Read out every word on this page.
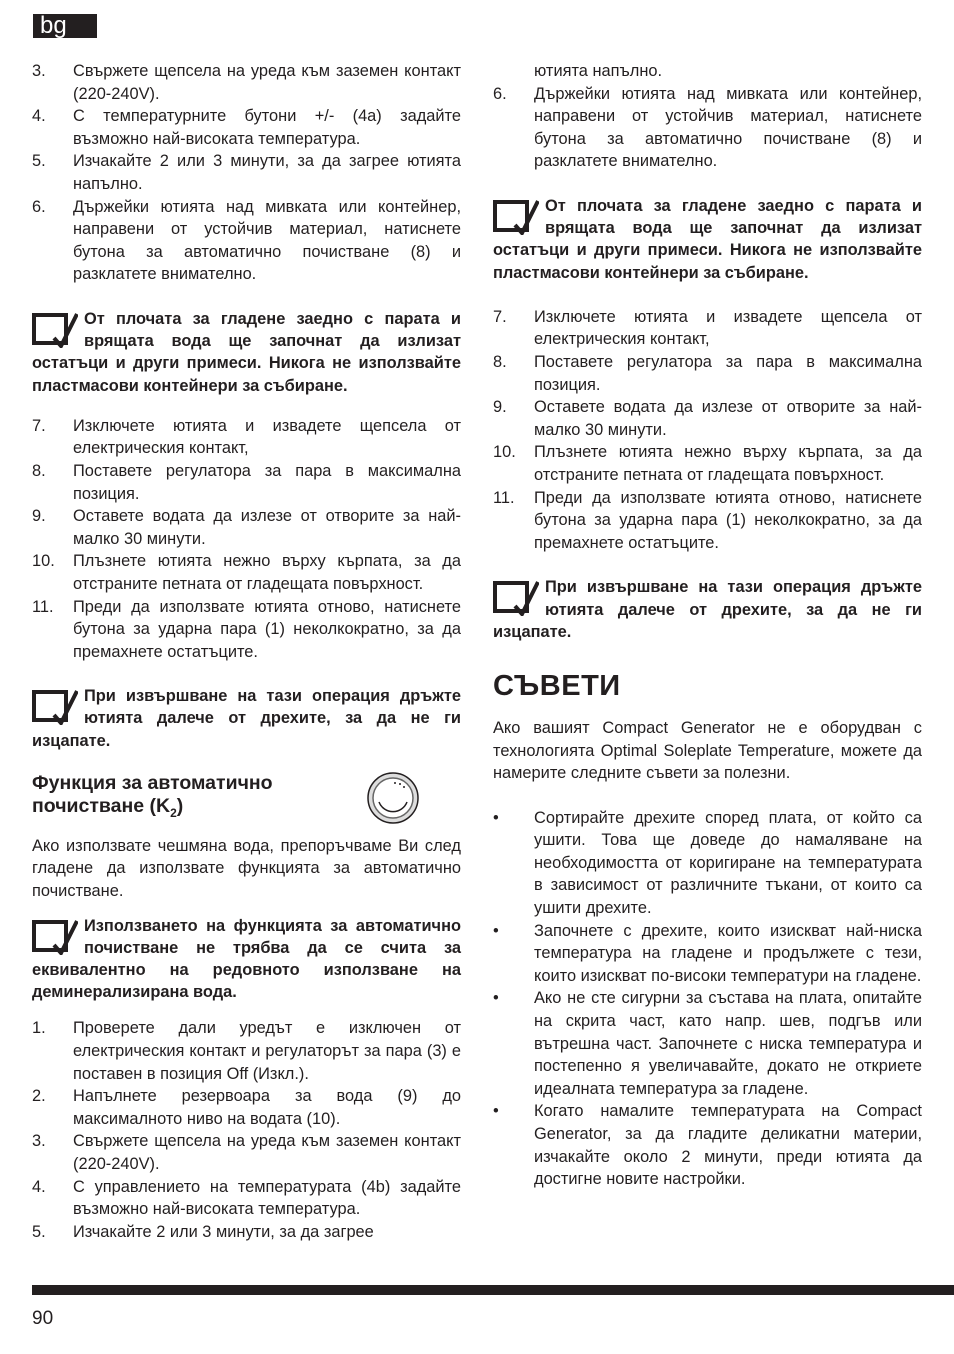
bg
3. Свържете щепсела на уреда към заземен контакт (220-240V).
4. С температурните бутони +/- (4a) задайте възможно най-високата температура.
5. Изчакайте 2 или 3 минути, за да загрее ютията напълно.
6. Държейки ютията над мивката или контейнер, направени от устойчив материал, натиснете бутона за автоматично почистване (8) и разклатете внимателно.

От плочата за гладене заедно с парата и врящата вода ще започнат да излизат остатъци и други примеси. Никога не използвайте пластмасови контейнери за събиране.

7. Изключете ютията и извадете щепсела от електрическия контакт,
8. Поставете регулатора за пара в максимална позиция.
9. Оставете водата да излезе от отворите за най-малко 30 минути.
10. Плъзнете ютията нежно върху кърпата, за да отстраните петната от гладещата повърхност.
11. Преди да използвате ютията отново, натиснете бутона за ударна пара (1) неколкократно, за да премахнете остатъците.

При извършване на тази операция дръжте ютията далече от дрехите, за да не ги изцапате.

Функция за автоматично
почистване $(K_2)$

Ако използвате чешмяна вода, препоръчваме Ви след гладене да използвате функцията за автоматично почистване.

Използването на функцията за автоматично почистване не трябва да се счита за еквивалентно на редовното използване на деминерализирана вода.

1. Проверете дали уредът е изключен от електрическия контакт и регулаторът за пара (3) е поставен в позиция Off (Изкл.).
2. Напълнете резервоара за вода (9) до максималното ниво на водата (10).
3. Свържете щепсела на уреда към заземен контакт (220-240V).
4. С управлението на температурата (4b) задайте възможно най-високата температура.
5. Изчакайте 2 или 3 минути, за да загрее

ютията напълно.

6. Държейки ютията над мивката или контейнер, направени от устойчив материал, натиснете бутона за автоматично почистване (8) и разклатете внимателно.

От плочата за гладене заедно с парата и врящата вода ще започнат да излизат остатъци и други примеси. Никога не използвайте пластмасови контейнери за събиране.

7. Изключете ютията и извадете щепсела от електрическия контакт,
8. Поставете регулатора за пара в максимална позиция.
9. Оставете водата да излезе от отворите за най-малко 30 минути.
10. Плъзнете ютията нежно върху кърпата, за да отстраните петната от гладещата повърхност.
11. Преди да използвате ютията отново, натиснете бутона за ударна пара (1) неколкократно, за да премахнете остатъците.

При извършване на тази операция дръжте ютията далече от дрехите, за да не ги изцапате.

СЪВЕТИ

Ако вашият Compact Generator не е оборудван с технологията Optimal Soleplate Temperature, можете да намерите следните съвети за полезни.

• Сортирайте дрехите според плата, от който са ушити. Това ще доведе до намаляване на необходимостта от коригиране на температурата в зависимост от различните тъкани, от които са ушити дрехите.
• Започнете с дрехите, които изискват най-ниска температура на гладене и продължете с тези, които изискват по-високи температури на гладене.
• Ако не сте сигурни за състава на плата, опитайте на скрита част, като напр. шев, подгъв или вътрешна част. Започнете с ниска температура и постепенно я увеличавайте, докато не откриете идеалната температура за гладене.
• Когато намалите температурата на Compact Generator, за да гладите деликатни материи, изчакайте около 2 минути, преди ютията да достигне новите настройки.
90
